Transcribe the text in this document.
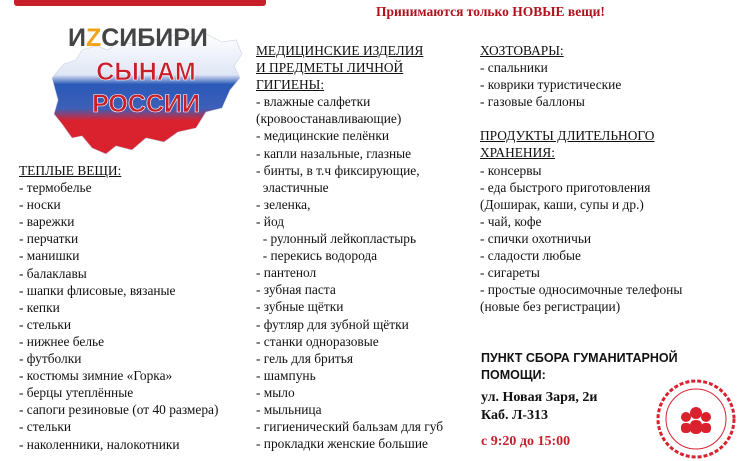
Принимаются только НОВЫЕ вещи!
ИZСИБИРИ
СЫНАМ
РОССИИ
ТЕПЛЫЕ ВЕЩИ:
- термобелье
- носки
- варежки
- перчатки
- манишки
- балаклавы
- шапки флисовые, вязаные
- кепки
- стельки
- нижнее белье
- футболки
- костюмы зимние «Горка»
- берцы утеплённые
- сапоги резиновые (от 40 размера)
- стельки
- наколенники, налокотники
МЕДИЦИНСКИЕ ИЗДЕЛИЯ
И ПРЕДМЕТЫ ЛИЧНОЙ
ГИГИЕНЫ:
- влажные салфетки
(кровоостанавливающие)
- медицинские пелёнки
- капли назальные, глазные
- бинты, в т.ч фиксирующие,
эластичные
- зеленка,
- йод
- рулонный лейкопластырь
- перекись водорода
- пантенол
- зубная паста
- зубные щётки
- футляр для зубной щётки
- станки одноразовые
- гель для бритья
- шампунь
- мыло
- мыльница
- гигиенический бальзам для губ
- прокладки женские большие
ХОЗТОВАРЫ:
- спальники
- коврики туристические
- газовые баллоны
ПРОДУКТЫ ДЛИТЕЛЬНОГО
ХРАНЕНИЯ:
- консервы
- еда быстрого приготовления
(Доширак, каши, супы и др.)
- чай, кофе
- спички охотничьи
- сладости любые
- сигареты
- простые односимочные телефоны
(новые без регистрации)
ПУНКТ СБОРА ГУМАНИТАРНОЙ
ПОМОЩИ:
ул. Новая Заря, 2и
Каб. Л-313
с 9:20 до 15:00
